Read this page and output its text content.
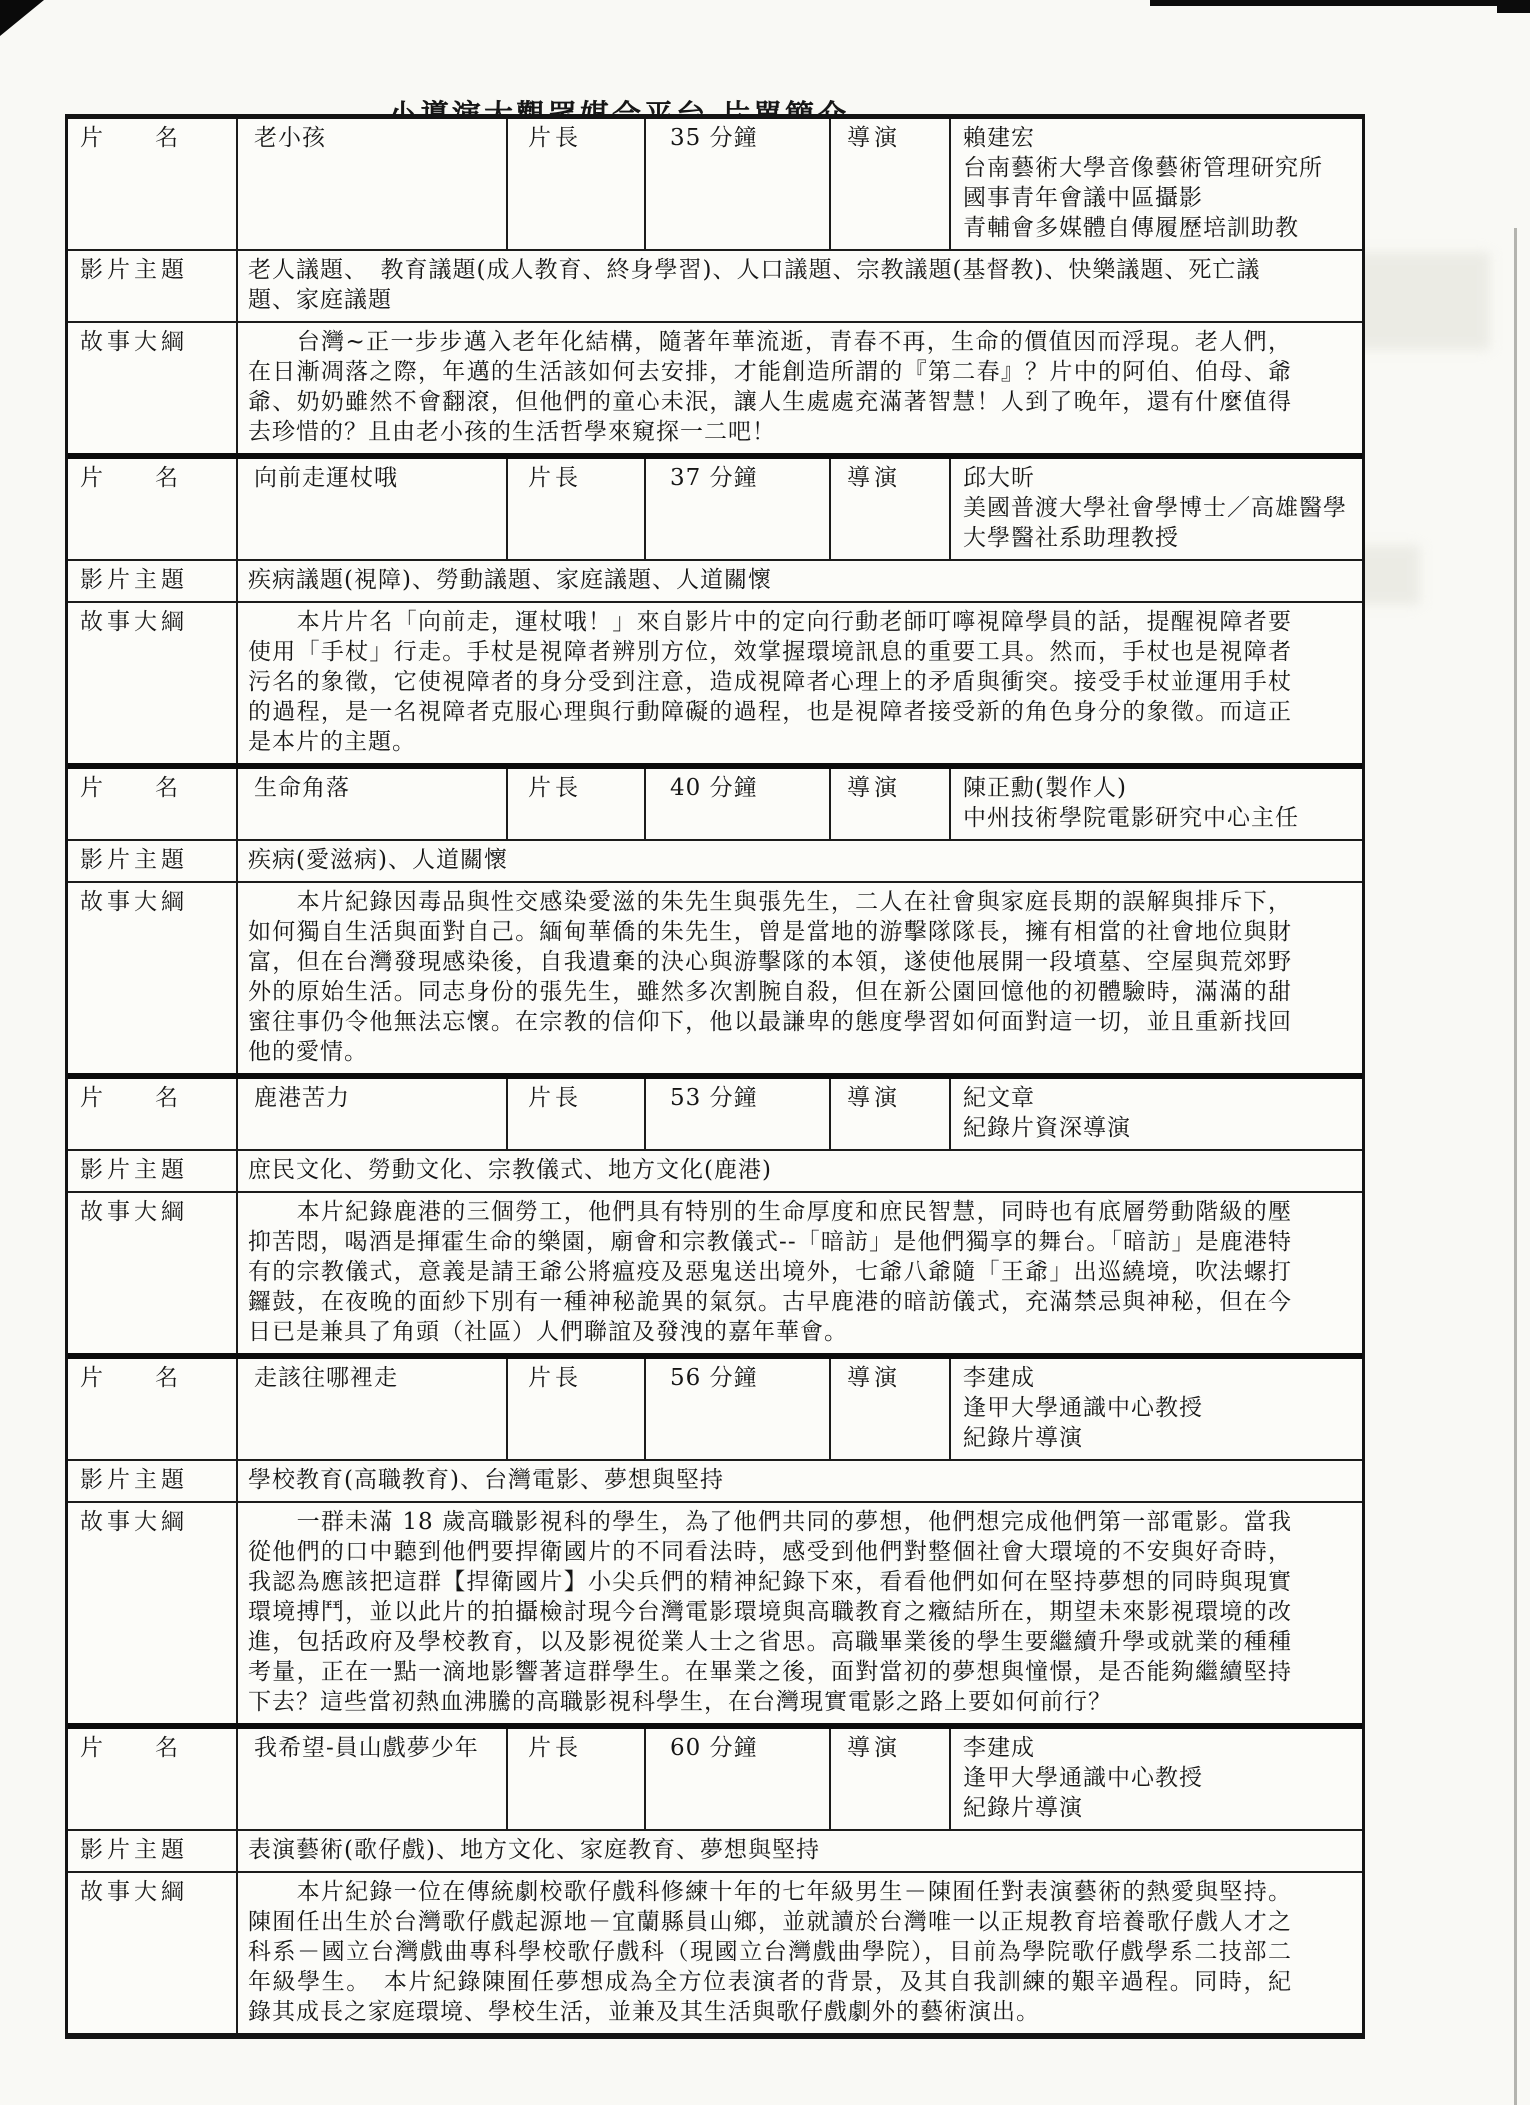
片　　名	老小孩	片長	35 分鐘	導演	賴建宏
台南藝術大學音像藝術管理研究所
國事青年會議中區攝影
青輔會多媒體自傳履歷培訓助教
影片主題	老人議題、　教育議題(成人教育、終身學習)、人口議題、宗教議題(基督教)、快樂議題、死亡議題、家庭議題
故事大綱	　　台灣~正一步步邁入老年化結構，隨著年華流逝，青春不再，生命的價值因而浮現。老人們，在日漸凋落之際，年邁的生活該如何去安排，才能創造所謂的『第二春』？片中的阿伯、伯母、爺爺、奶奶雖然不會翻滾，但他們的童心未泯，讓人生處處充滿著智慧！人到了晚年，還有什麼值得去珍惜的？且由老小孩的生活哲學來窺探一二吧！
片　　名	向前走運杖哦	片長	37 分鐘	導演	邱大昕
美國普渡大學社會學博士／高雄醫學大學醫社系助理教授
影片主題	疾病議題(視障)、勞動議題、家庭議題、人道關懷
故事大綱	　　本片片名「向前走，運杖哦！」來自影片中的定向行動老師叮嚀視障學員的話，提醒視障者要使用「手杖」行走。手杖是視障者辨別方位，效掌握環境訊息的重要工具。然而，手杖也是視障者污名的象徵，它使視障者的身分受到注意，造成視障者心理上的矛盾與衝突。接受手杖並運用手杖的過程，是一名視障者克服心理與行動障礙的過程，也是視障者接受新的角色身分的象徵。而這正是本片的主題。
片　　名	生命角落	片長	40 分鐘	導演	陳正勳(製作人)
中州技術學院電影研究中心主任
影片主題	疾病(愛滋病)、人道關懷
故事大綱	　　本片紀錄因毒品與性交感染愛滋的朱先生與張先生，二人在社會與家庭長期的誤解與排斥下，如何獨自生活與面對自己。緬甸華僑的朱先生，曾是當地的游擊隊隊長，擁有相當的社會地位與財富，但在台灣發現感染後，自我遺棄的決心與游擊隊的本領，遂使他展開一段墳墓、空屋與荒郊野外的原始生活。同志身份的張先生，雖然多次割腕自殺，但在新公園回憶他的初體驗時，滿滿的甜蜜往事仍令他無法忘懷。在宗教的信仰下，他以最謙卑的態度學習如何面對這一切，並且重新找回他的愛情。
片　　名	鹿港苦力	片長	53 分鐘	導演	紀文章
紀錄片資深導演
影片主題	庶民文化、勞動文化、宗教儀式、地方文化(鹿港)
故事大綱	　　本片紀錄鹿港的三個勞工，他們具有特別的生命厚度和庶民智慧，同時也有底層勞動階級的壓抑苦悶，喝酒是揮霍生命的樂園，廟會和宗教儀式--「暗訪」是他們獨享的舞台。「暗訪」是鹿港特有的宗教儀式，意義是請王爺公將瘟疫及惡鬼送出境外，七爺八爺隨「王爺」出巡繞境，吹法螺打鑼鼓，在夜晚的面紗下別有一種神秘詭異的氣氛。古早鹿港的暗訪儀式，充滿禁忌與神秘，但在今日已是兼具了角頭（社區）人們聯誼及發洩的嘉年華會。
片　　名	走該往哪裡走	片長	56 分鐘	導演	李建成
逢甲大學通識中心教授
紀錄片導演
影片主題	學校教育(高職教育)、台灣電影、夢想與堅持
故事大綱	　　一群未滿 18 歲高職影視科的學生，為了他們共同的夢想，他們想完成他們第一部電影。當我從他們的口中聽到他們要捍衛國片的不同看法時，感受到他們對整個社會大環境的不安與好奇時，我認為應該把這群【捍衛國片】小尖兵們的精神紀錄下來，看看他們如何在堅持夢想的同時與現實環境搏鬥，並以此片的拍攝檢討現今台灣電影環境與高職教育之癥結所在，期望未來影視環境的改進，包括政府及學校教育，以及影視從業人士之省思。高職畢業後的學生要繼續升學或就業的種種考量，正在一點一滴地影響著這群學生。在畢業之後，面對當初的夢想與憧憬，是否能夠繼續堅持下去？這些當初熱血沸騰的高職影視科學生，在台灣現實電影之路上要如何前行？
片　　名	我希望-員山戲夢少年	片長	60 分鐘	導演	李建成
逢甲大學通識中心教授
紀錄片導演
影片主題	表演藝術(歌仔戲)、地方文化、家庭教育、夢想與堅持
故事大綱	　　本片紀錄一位在傳統劇校歌仔戲科修練十年的七年級男生－陳囿任對表演藝術的熱愛與堅持。陳囿任出生於台灣歌仔戲起源地－宜蘭縣員山鄉，並就讀於台灣唯一以正規教育培養歌仔戲人才之科系－國立台灣戲曲專科學校歌仔戲科（現國立台灣戲曲學院），目前為學院歌仔戲學系二技部二年級學生。　本片紀錄陳囿任夢想成為全方位表演者的背景，及其自我訓練的艱辛過程。同時，紀錄其成長之家庭環境、學校生活，並兼及其生活與歌仔戲劇外的藝術演出。
